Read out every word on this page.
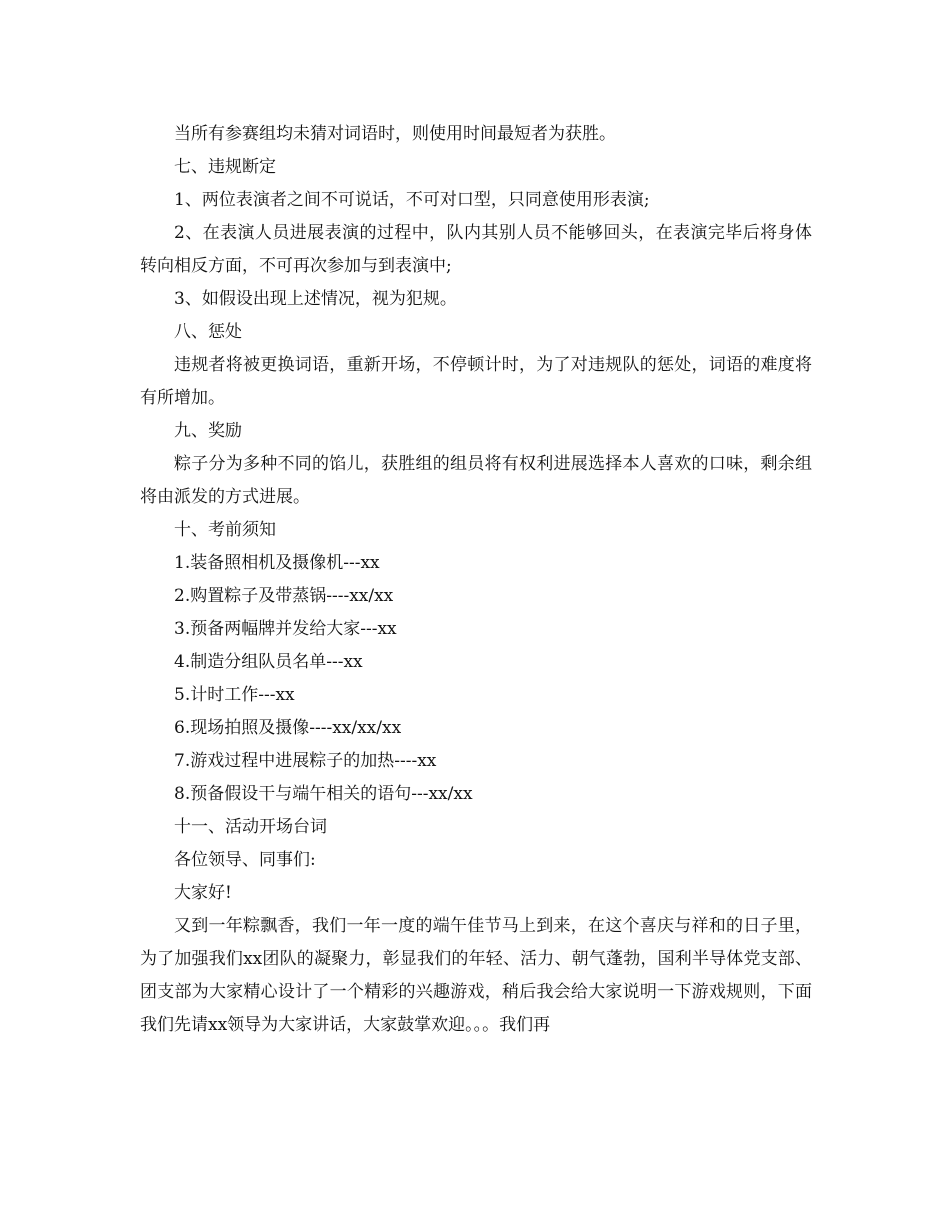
当所有参赛组均未猜对词语时，则使用时间最短者为获胜。

七、违规断定

1、两位表演者之间不可说话，不可对口型，只同意使用形表演;

2、在表演人员进展表演的过程中，队内其别人员不能够回头，在表演完毕后将身体转向相反方面，不可再次参加与到表演中;

3、如假设出现上述情况，视为犯规。

八、惩处

违规者将被更换词语，重新开场，不停顿计时，为了对违规队的惩处，词语的难度将有所增加。

九、奖励

粽子分为多种不同的馅儿，获胜组的组员将有权利进展选择本人喜欢的口味，剩余组将由派发的方式进展。

十、考前须知

1.装备照相机及摄像机---xx

2.购置粽子及带蒸锅----xx/xx

3.预备两幅牌并发给大家---xx

4.制造分组队员名单---xx

5.计时工作---xx

6.现场拍照及摄像----xx/xx/xx

7.游戏过程中进展粽子的加热----xx

8.预备假设干与端午相关的语句---xx/xx

十一、活动开场台词

各位领导、同事们:

大家好!

又到一年粽飘香，我们一年一度的端午佳节马上到来，在这个喜庆与祥和的日子里，为了加强我们xx团队的凝聚力，彰显我们的年轻、活力、朝气蓬勃，国利半导体党支部、团支部为大家精心设计了一个精彩的兴趣游戏，稍后我会给大家说明一下游戏规则，下面我们先请xx领导为大家讲话，大家鼓掌欢迎。。。我们再
